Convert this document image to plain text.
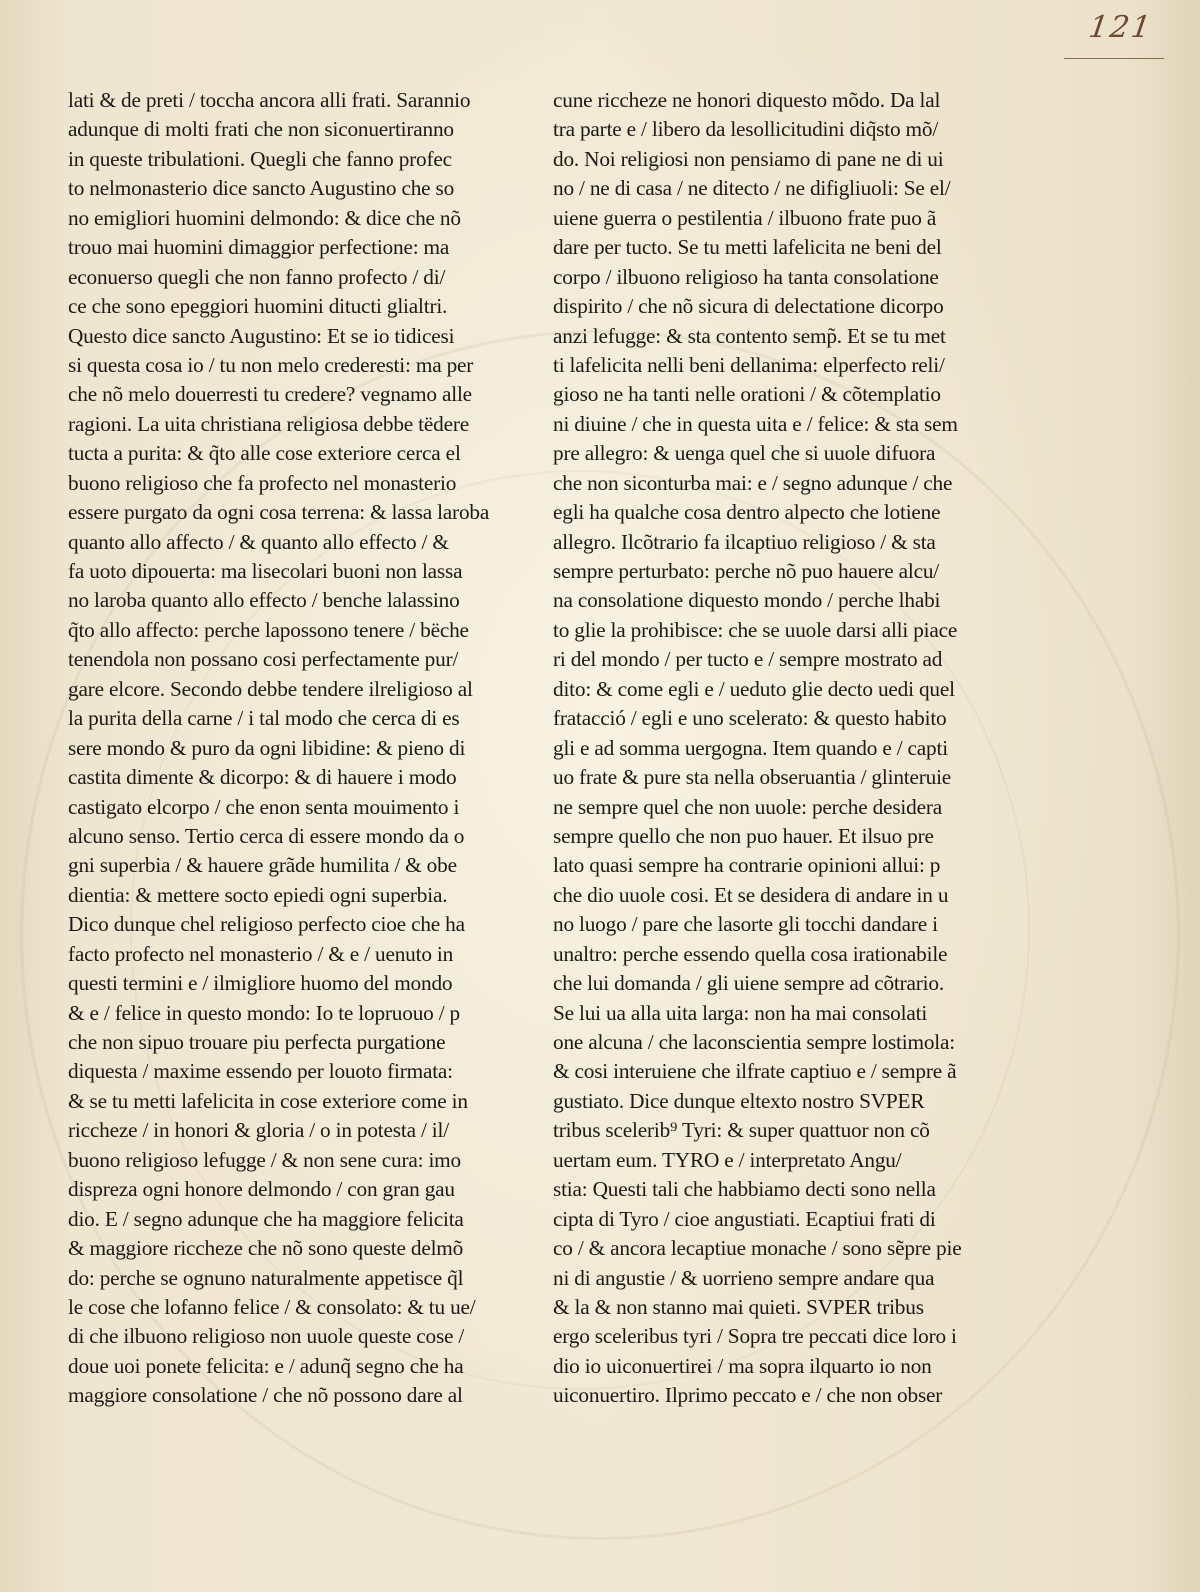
121
lati & de preti / toccha ancora alli frati. Sarannio
adunque di molti frati che non siconuertiranno
in queste tribulationi. Quegli che fanno profec
to nelmonasterio dice sancto Augustino che so
no emigliori huomini delmondo: & dice che nõ
trouo mai huomini dimaggior perfectione: ma
econuerso quegli che non fanno profecto / di/
ce che sono epeggiori huomini ditucti glialtri.
Questo dice sancto Augustino: Et se io tidicesi
si questa cosa io / tu non melo crederesti: ma per
che nõ melo douerresti tu credere? vegnamo alle
ragioni. La uita christiana religiosa debbe tëdere
tucta a purita: & q̃to alle cose exteriore cerca el
buono religioso che fa profecto nel monasterio
essere purgato da ogni cosa terrena: & lassa laroba
quanto allo affecto / & quanto allo effecto / &
fa uoto dipouerta: ma lisecolari buoni non lassa
no laroba quanto allo effecto / benche lalassino
q̃to allo affecto: perche lapossono tenere / bëche
tenendola non possano cosi perfectamente pur/
gare elcore. Secondo debbe tendere ilreligioso al
la purita della carne / i tal modo che cerca di es
sere mondo & puro da ogni libidine: & pieno di
castita dimente & dicorpo: & di hauere i modo
castigato elcorpo / che enon senta mouimento i
alcuno senso. Tertio cerca di essere mondo da o
gni superbia / & hauere grãde humilita / & obe
dientia: & mettere socto epiedi ogni superbia.
Dico dunque chel religioso perfecto cioe che ha
facto profecto nel monasterio / & e / uenuto in
questi termini e / ilmigliore huomo del mondo
& e / felice in questo mondo: Io te lopruouo / p
che non sipuo trouare piu perfecta purgatione
diquesta / maxime essendo per louoto firmata:
& se tu metti lafelicita in cose exteriore come in
riccheze / in honori & gloria / o in potesta / il/
buono religioso lefugge / & non sene cura: imo
dispreza ogni honore delmondo / con gran gau
dio. E / segno adunque che ha maggiore felicita
& maggiore riccheze che nõ sono queste delmõ
do: perche se ognuno naturalmente appetisce q̃l
le cose che lofanno felice / & consolato: & tu ue/
di che ilbuono religioso non uuole queste cose /
doue uoi ponete felicita: e / adunq̃ segno che ha
maggiore consolatione / che nõ possono dare al
cune riccheze ne honori diquesto mõdo. Da lal
tra parte e / libero da lesollicitudini diq̃sto mõ/
do. Noi religiosi non pensiamo di pane ne di ui
no / ne di casa / ne ditecto / ne difigliuoli: Se el/
uiene guerra o pestilentia / ilbuono frate puo ã
dare per tucto. Se tu metti lafelicita ne beni del
corpo / ilbuono religioso ha tanta consolatione
dispirito / che nõ sicura di delectatione dicorpo
anzi lefugge: & sta contento semp̃. Et se tu met
ti lafelicita nelli beni dellanima: elperfecto reli/
gioso ne ha tanti nelle orationi / & cõtemplatio
ni diuine / che in questa uita e / felice: & sta sem
pre allegro: & uenga quel che si uuole difuora
che non siconturba mai: e / segno adunque / che
egli ha qualche cosa dentro alpecto che lotiene
allegro. Ilcõtrario fa ilcaptiuo religioso / & sta
sempre perturbato: perche nõ puo hauere alcu/
na consolatione diquesto mondo / perche lhabi
to glie la prohibisce: che se uuole darsi alli piace
ri del mondo / per tucto e / sempre mostrato ad
dito: & come egli e / ueduto glie decto uedi quel
fratacció / egli e uno scelerato: & questo habito
gli e ad somma uergogna. Item quando e / capti
uo frate & pure sta nella obseruantia / glinteruie
ne sempre quel che non uuole: perche desidera
sempre quello che non puo hauer. Et ilsuo pre
lato quasi sempre ha contrarie opinioni allui: p
che dio uuole cosi. Et se desidera di andare in u
no luogo / pare che lasorte gli tocchi dandare i
unaltro: perche essendo quella cosa irationabile
che lui domanda / gli uiene sempre ad cõtrario.
Se lui ua alla uita larga: non ha mai consolati
one alcuna / che laconscientia sempre lostimola:
& cosi interuiene che ilfrate captiuo e / sempre ã
gustiato. Dice dunque eltexto nostro SVPER
tribus scelerib⁹ Tyri: & super quattuor non cõ
uertam eum. TYRO e / interpretato Angu/
stia: Questi tali che habbiamo decti sono nella
cipta di Tyro / cioe angustiati. Ecaptiui frati di
co / & ancora lecaptiue monache / sono sẽpre pie
ni di angustie / & uorrieno sempre andare qua
& la & non stanno mai quieti. SVPER tribus
ergo sceleribus tyri / Sopra tre peccati dice loro i
dio io uiconuertirei / ma sopra ilquarto io non
uiconuertiro. Ilprimo peccato e / che non obser
